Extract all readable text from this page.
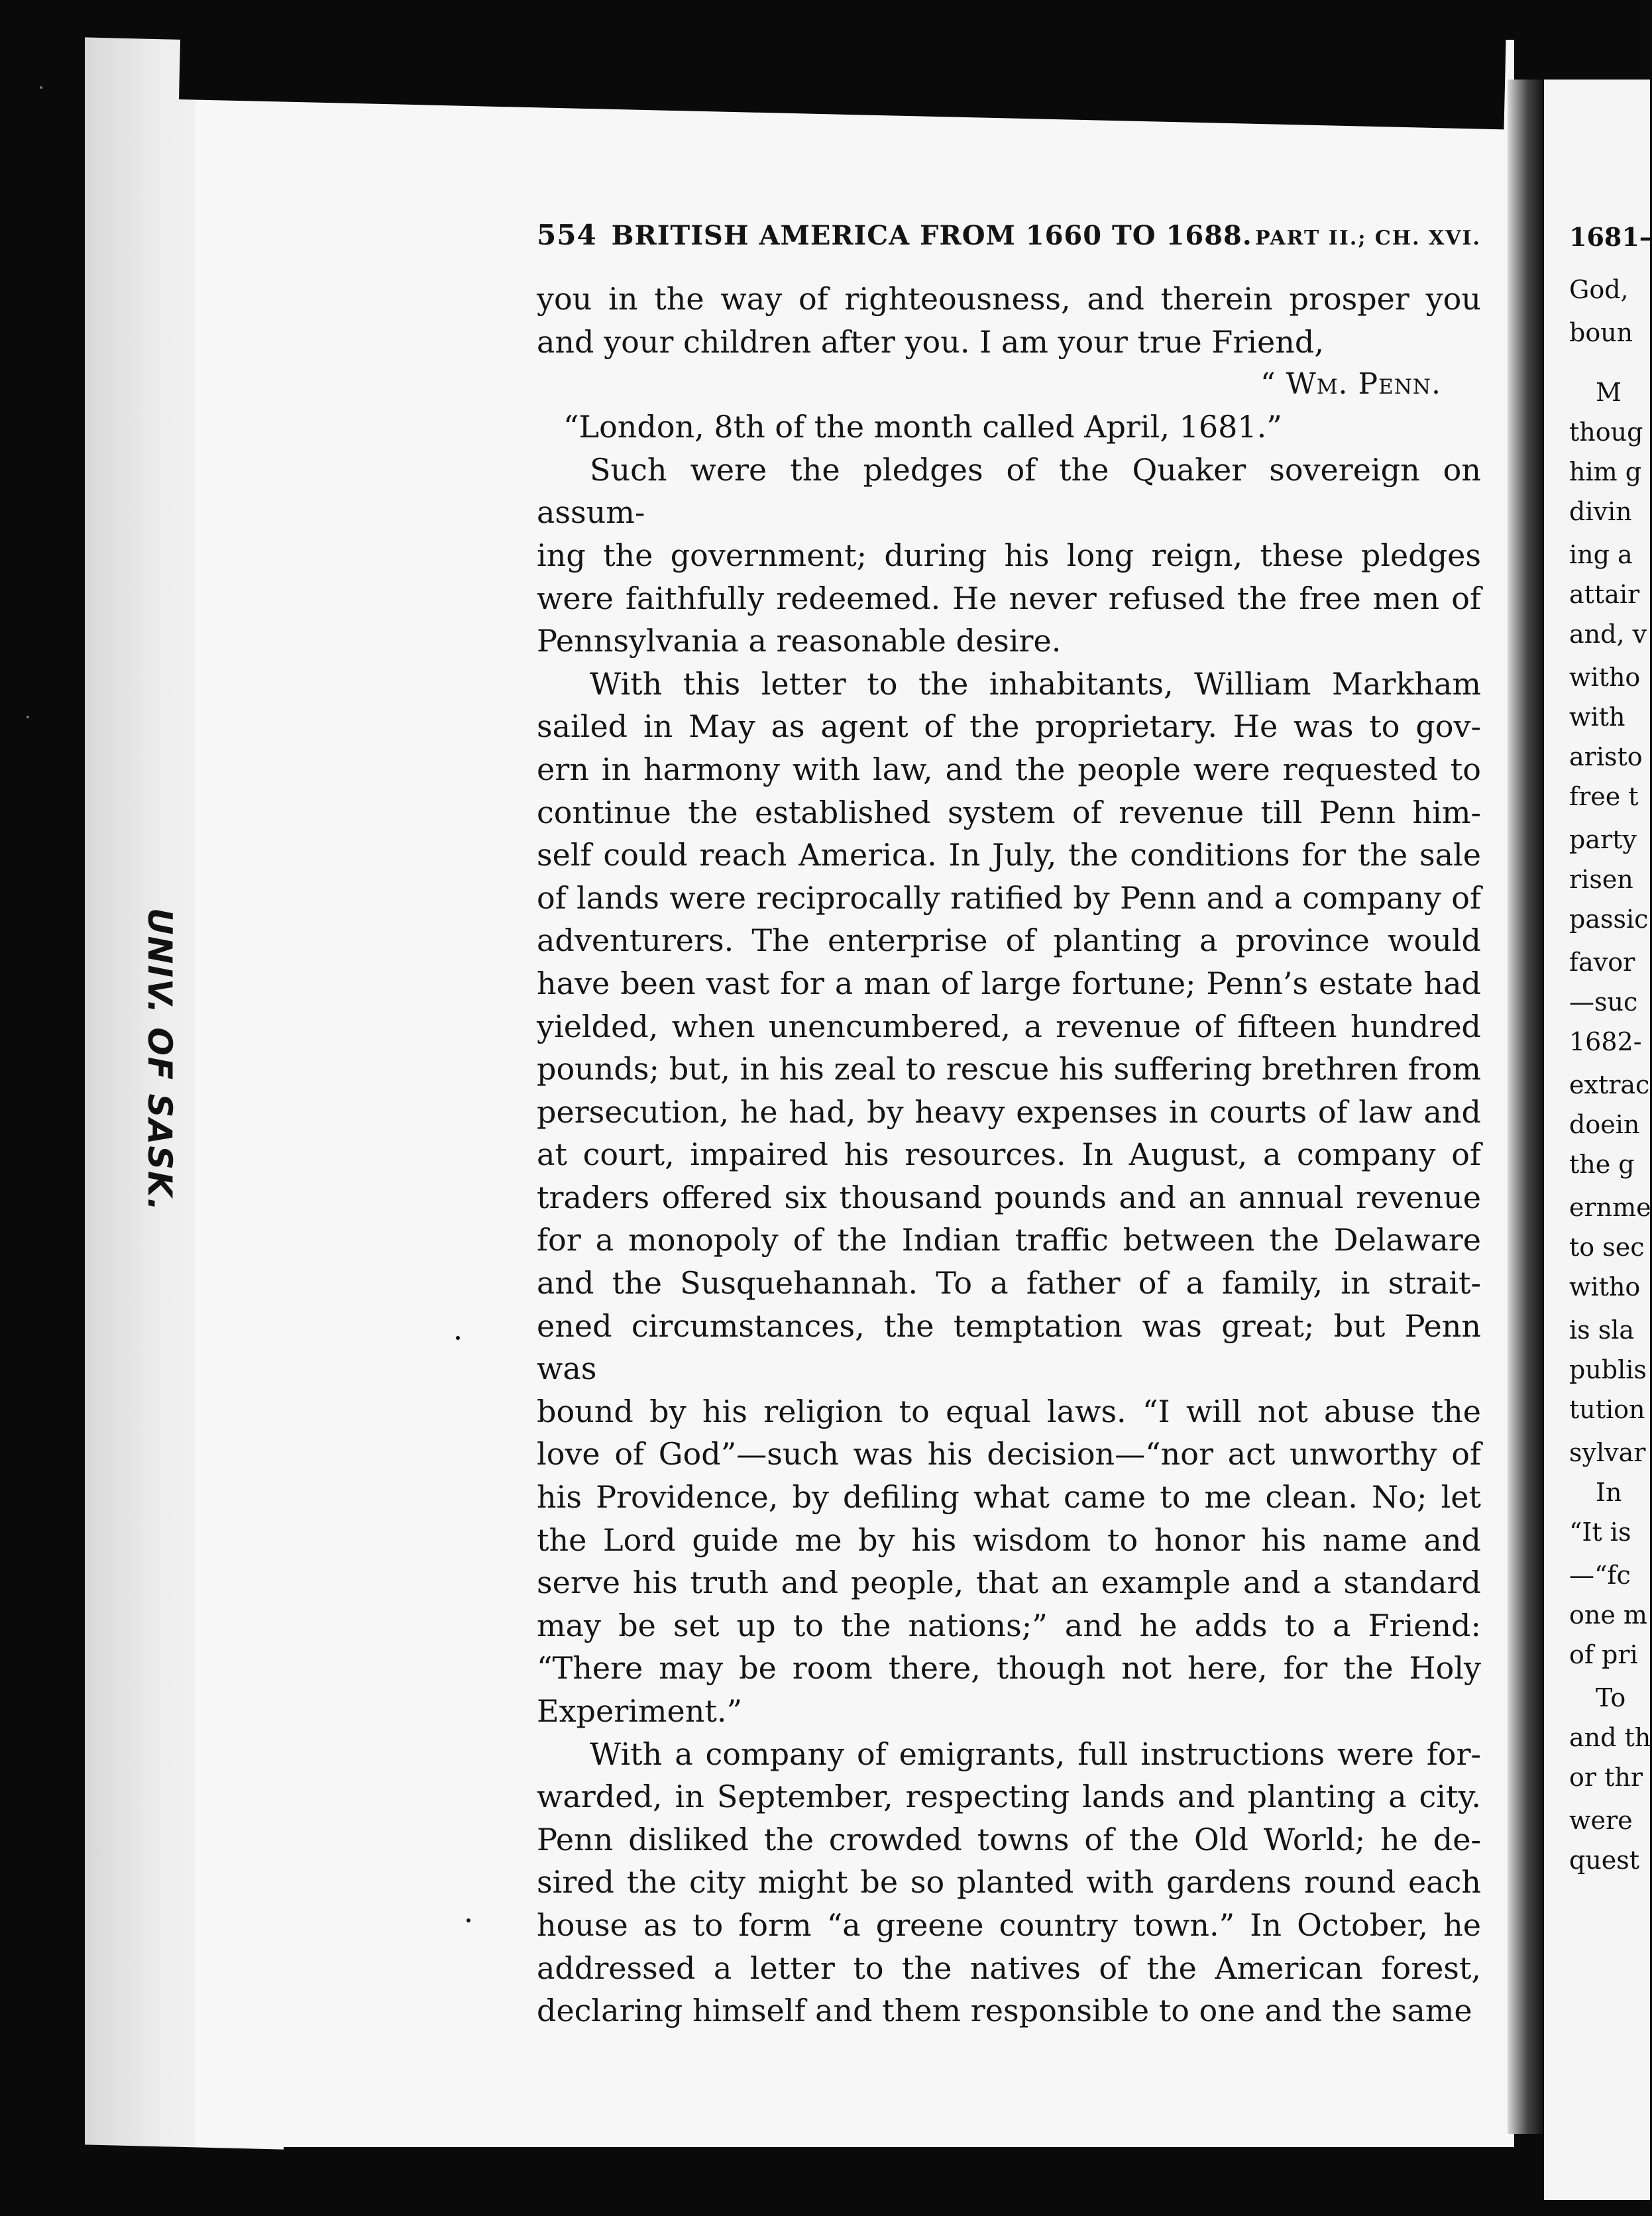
1681–
God,
boun
M
thoug
him g
divin
ing a
attair
and, v
witho
with
aristo
free t
party
risen
passic
favor
—suc
1682-
extrac
doein
the g
ernme
to sec
witho
is sla
publis
tution
sylvar
In
“It is
—“fc
one m
of pri
To
and th
or thr
were
quest
UNIV. OF SASK.
554 BRITISH AMERICA FROM 1660 TO 1688. PART II.; CH. XVI.

you in the way of righteousness, and therein prosper you

and your children after you. I am your true Friend,

“ Wm. Penn.

“London, 8th of the month called April, 1681.”

Such were the pledges of the Quaker sovereign on assum-

ing the government; during his long reign, these pledges

were faithfully redeemed. He never refused the free men of

Pennsylvania a reasonable desire.

With this letter to the inhabitants, William Markham

sailed in May as agent of the proprietary. He was to gov-

ern in harmony with law, and the people were requested to

continue the established system of revenue till Penn him-

self could reach America. In July, the conditions for the sale

of lands were reciprocally ratified by Penn and a company of

adventurers. The enterprise of planting a province would

have been vast for a man of large fortune; Penn’s estate had

yielded, when unencumbered, a revenue of fifteen hundred

pounds; but, in his zeal to rescue his suffering brethren from

persecution, he had, by heavy expenses in courts of law and

at court, impaired his resources. In August, a company of

traders offered six thousand pounds and an annual revenue

for a monopoly of the Indian traffic between the Delaware

and the Susquehannah. To a father of a family, in strait-

ened circumstances, the temptation was great; but Penn was

bound by his religion to equal laws. “I will not abuse the

love of God”—such was his decision—“nor act unworthy of

his Providence, by defiling what came to me clean. No; let

the Lord guide me by his wisdom to honor his name and

serve his truth and people, that an example and a standard

may be set up to the nations;” and he adds to a Friend:

“There may be room there, though not here, for the Holy

Experiment.”

With a company of emigrants, full instructions were for-

warded, in September, respecting lands and planting a city.

Penn disliked the crowded towns of the Old World; he de-

sired the city might be so planted with gardens round each

house as to form “a greene country town.” In October, he

addressed a letter to the natives of the American forest,

declaring himself and them responsible to one and the same
